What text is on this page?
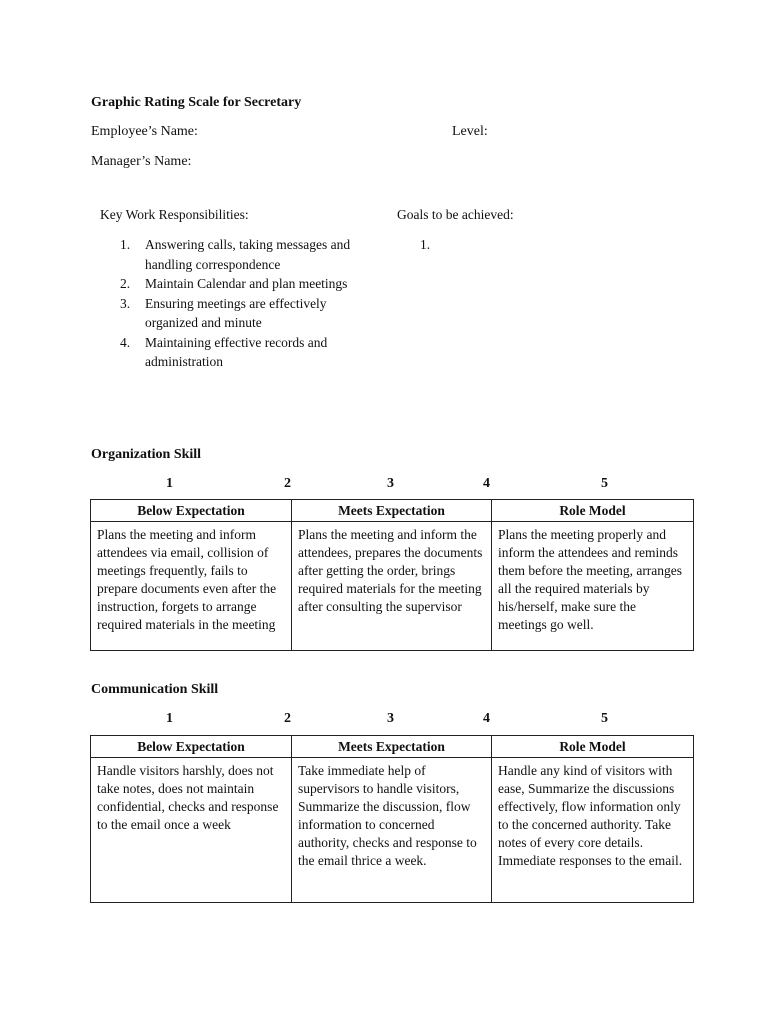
Graphic Rating Scale for Secretary
Employee’s Name:	Level:
Manager’s Name:
Key Work Responsibilities:	Goals to be achieved:
1.	Answering calls, taking messages and handling correspondence
2.	Maintain Calendar and plan meetings
3.	Ensuring meetings are effectively organized and minute
4.	Maintaining effective records and administration
1.
Organization Skill
1	2	3	4	5
Below Expectation	Meets Expectation	Role Model
Plans the meeting and inform attendees via email, collision of meetings frequently, fails to prepare documents even after the instruction, forgets to arrange required materials in the meeting	Plans the meeting and inform the attendees, prepares the documents after getting the order, brings required materials for the meeting after consulting the supervisor	Plans the meeting properly and inform the attendees and reminds them before the meeting, arranges all the required materials by his/herself, make sure the meetings go well.
Communication Skill
1	2	3	4	5
Below Expectation	Meets Expectation	Role Model
Handle visitors harshly, does not take notes, does not maintain confidential, checks and response to the email once a week	Take immediate help of supervisors to handle visitors, Summarize the discussion, flow information to concerned authority, checks and response to the email thrice a week.	Handle any kind of visitors with ease, Summarize the discussions effectively, flow information only to the concerned authority. Take notes of every core details. Immediate responses to the email.
